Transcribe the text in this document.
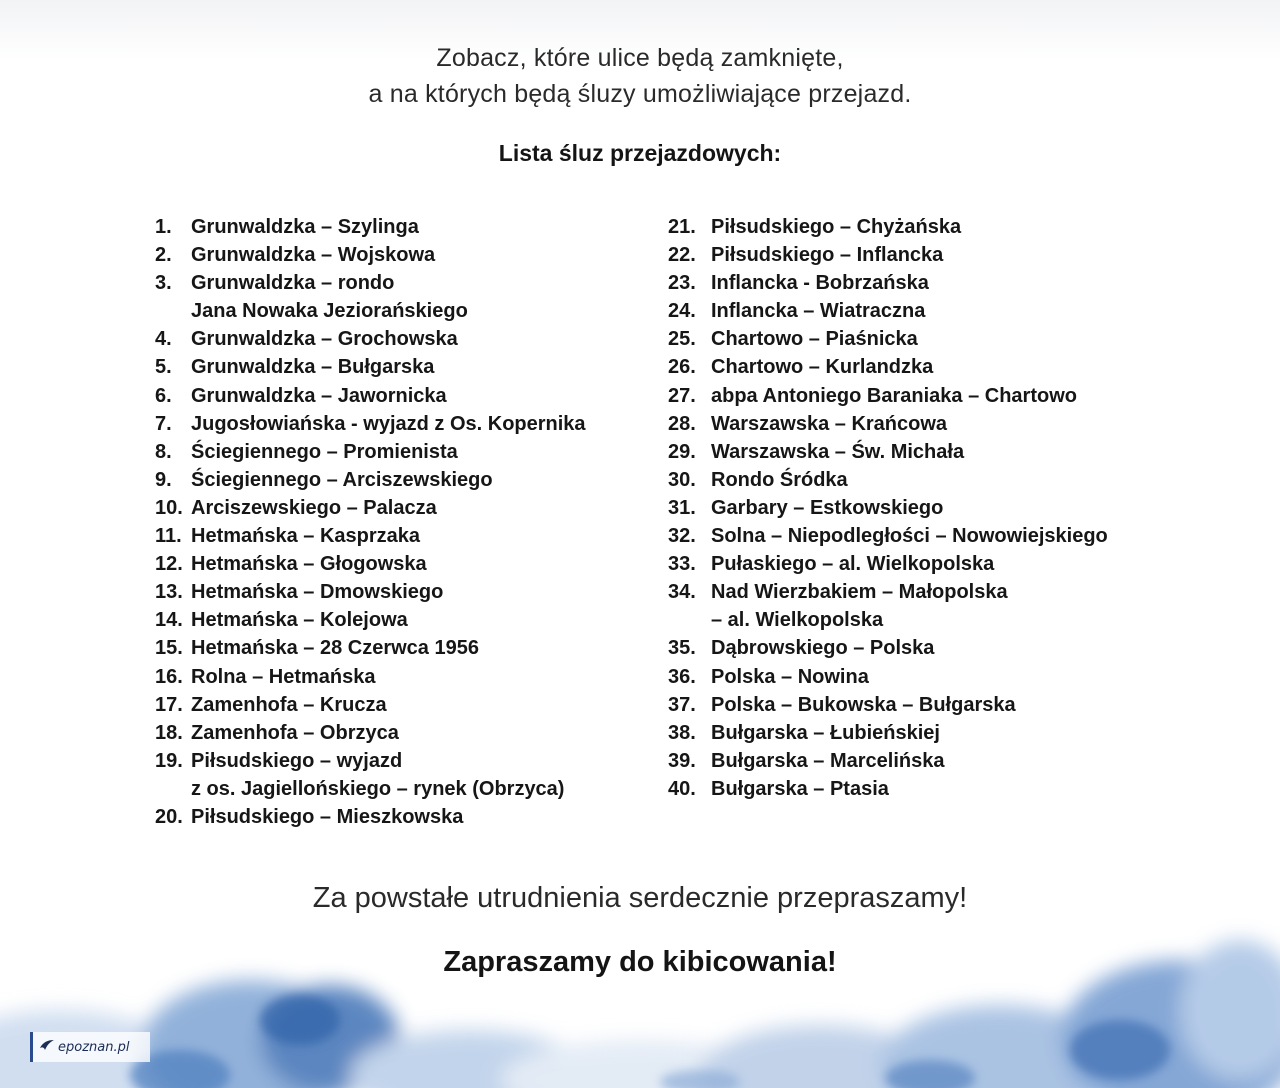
Zobacz, które ulice będą zamknięte,
a na których będą śluzy umożliwiające przejazd.
Lista śluz przejazdowych:
1. Grunwaldzka – Szylinga
2. Grunwaldzka – Wojskowa
3. Grunwaldzka – rondo
Jana Nowaka Jeziorańskiego
4. Grunwaldzka – Grochowska
5. Grunwaldzka – Bułgarska
6. Grunwaldzka – Jawornicka
7. Jugosłowiańska - wyjazd z Os. Kopernika
8. Ściegiennego – Promienista
9. Ściegiennego – Arciszewskiego
10. Arciszewskiego – Palacza
11. Hetmańska – Kasprzaka
12. Hetmańska – Głogowska
13. Hetmańska – Dmowskiego
14. Hetmańska – Kolejowa
15. Hetmańska – 28 Czerwca 1956
16. Rolna – Hetmańska
17. Zamenhofa – Krucza
18. Zamenhofa – Obrzyca
19. Piłsudskiego – wyjazd
z os. Jagiellońskiego – rynek (Obrzyca)
20. Piłsudskiego – Mieszkowska
21. Piłsudskiego – Chyżańska
22. Piłsudskiego – Inflancka
23. Inflancka - Bobrzańska
24. Inflancka – Wiatraczna
25. Chartowo – Piaśnicka
26. Chartowo – Kurlandzka
27. abpa Antoniego Baraniaka – Chartowo
28. Warszawska – Krańcowa
29. Warszawska – Św. Michała
30. Rondo Śródka
31. Garbary – Estkowskiego
32. Solna – Niepodległości – Nowowiejskiego
33. Pułaskiego – al. Wielkopolska
34. Nad Wierzbakiem – Małopolska
– al. Wielkopolska
35. Dąbrowskiego – Polska
36. Polska – Nowina
37. Polska – Bukowska – Bułgarska
38. Bułgarska – Łubieńskiej
39. Bułgarska – Marcelińska
40. Bułgarska – Ptasia
Za powstałe utrudnienia serdecznie przepraszamy!
Zapraszamy do kibicowania!
epoznan.pl
